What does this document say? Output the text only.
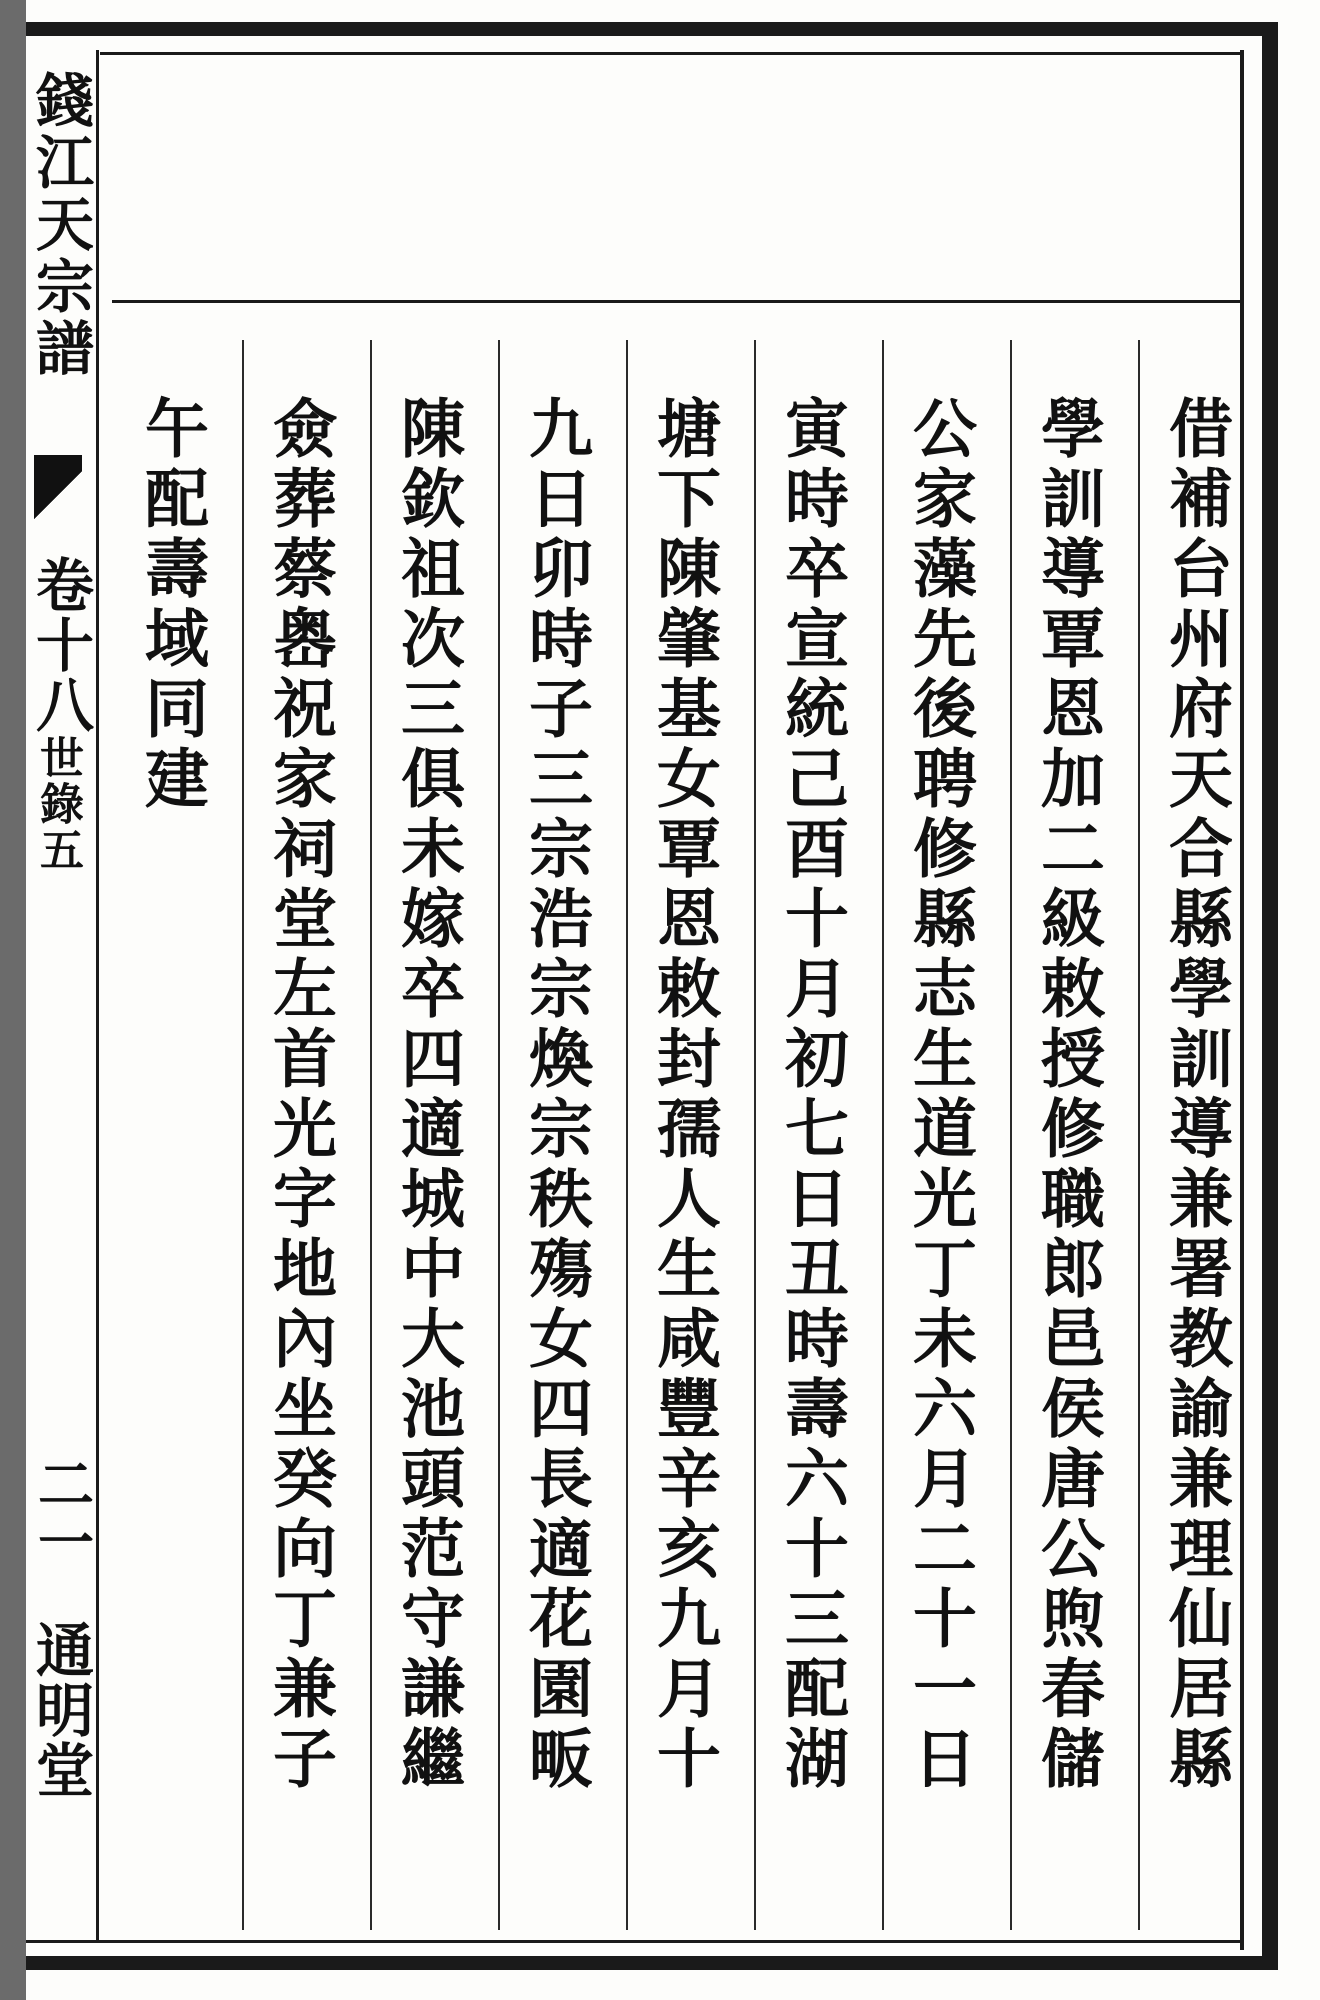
錢江天宗譜
卷十八
世錄五
二一
通明堂	借補台州府天合縣學訓導兼署教諭兼理仙居縣
學訓導覃恩加二級敕授修職郎邑侯唐公煦春儲
公家藻先後聘修縣志生道光丁未六月二十一日
寅時卒宣統己酉十月初七日丑時壽六十三配湖
塘下陳肇基女覃恩敕封孺人生咸豐辛亥九月十
九日卯時子三宗浩宗煥宗秩殤女四長適花園畈
陳欽祖次三俱未嫁卒四適城中大池頭范守謙繼
僉葬蔡嶴祝家祠堂左首光字地內坐癸向丁兼子
午配壽域同建
